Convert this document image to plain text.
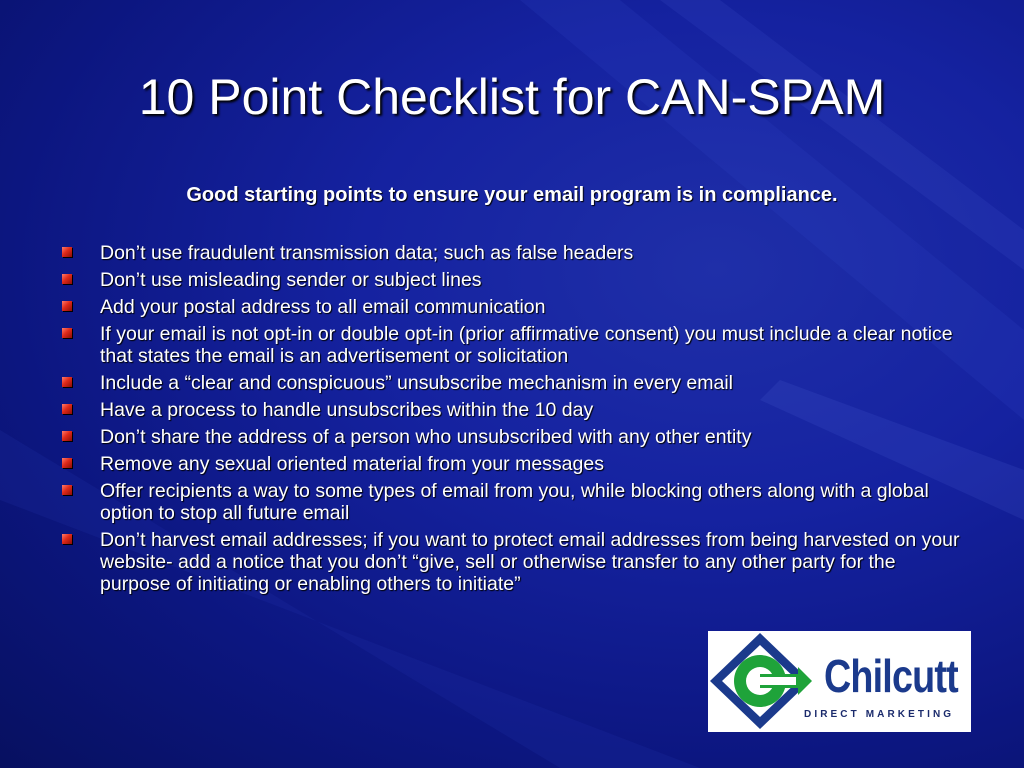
10 Point Checklist for CAN-SPAM
Good starting points to ensure your email program is in compliance.
Don’t use fraudulent transmission data; such as false headers
Don’t use misleading sender or subject lines
Add your postal address to all email communication
If your email is not opt-in or double opt-in (prior affirmative consent) you must include a clear notice that states the email is an advertisement or solicitation
Include a “clear and conspicuous” unsubscribe mechanism in every email
Have a process to handle unsubscribes within the 10 day
Don’t share the address of a person who unsubscribed with any other entity
Remove any sexual oriented material from your messages
Offer recipients a way to some types of email from you, while blocking others along with a global option to stop all future email
Don’t harvest email addresses; if you want to protect email addresses from being harvested on your website- add a notice that you don’t “give, sell or otherwise transfer to any other party for the purpose of initiating or enabling others to initiate”
Chilcutt
DIRECT MARKETING
